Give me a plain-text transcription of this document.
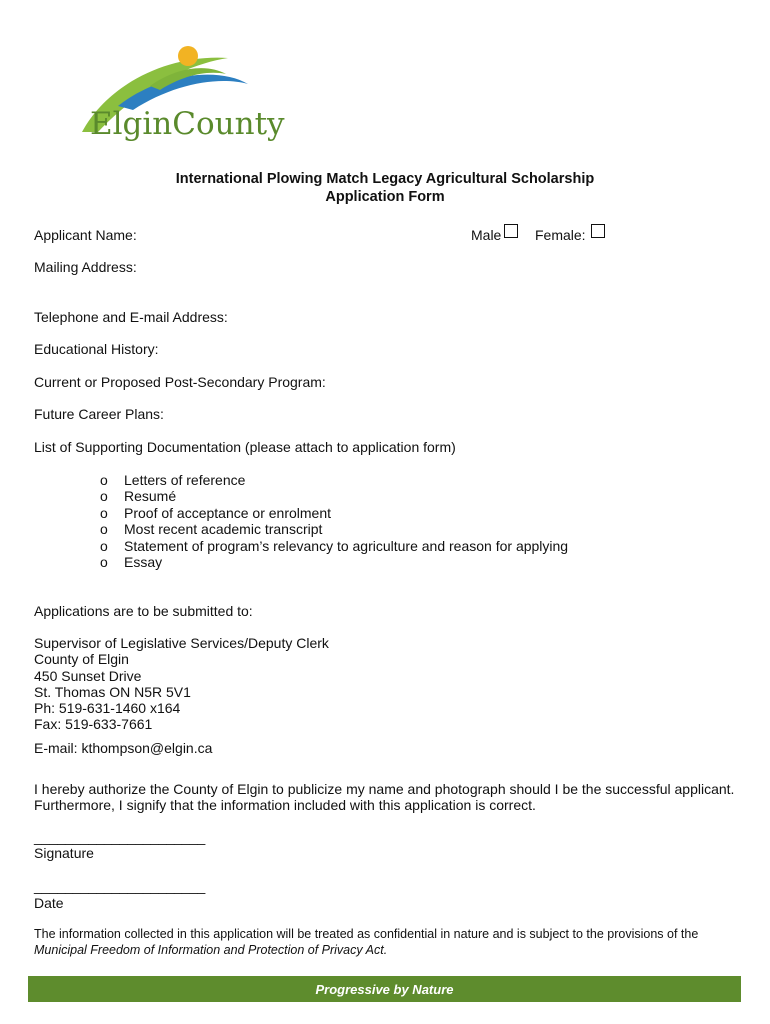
ElginCounty
International Plowing Match Legacy Agricultural Scholarship
Application Form
Applicant Name:	Male Female:
Mailing Address:
Telephone and E-mail Address:
Educational History:
Current or Proposed Post-Secondary Program:
Future Career Plans:
List of Supporting Documentation (please attach to application form)
o	Letters of reference
o	Resumé
o	Proof of acceptance or enrolment
o	Most recent academic transcript
o	Statement of program’s relevancy to agriculture and reason for applying
o	Essay
Applications are to be submitted to:
Supervisor of Legislative Services/Deputy Clerk
County of Elgin
450 Sunset Drive
St. Thomas ON N5R 5V1
Ph: 519-631-1460 x164
Fax: 519-633-7661
E-mail: kthompson@elgin.ca
I hereby authorize the County of Elgin to publicize my name and photograph should I be the successful applicant.
Furthermore, I signify that the information included with this application is correct.
______________________
Signature
______________________
Date
The information collected in this application will be treated as confidential in nature and is subject to the provisions of the
Municipal Freedom of Information and Protection of Privacy Act.
Progressive by Nature
